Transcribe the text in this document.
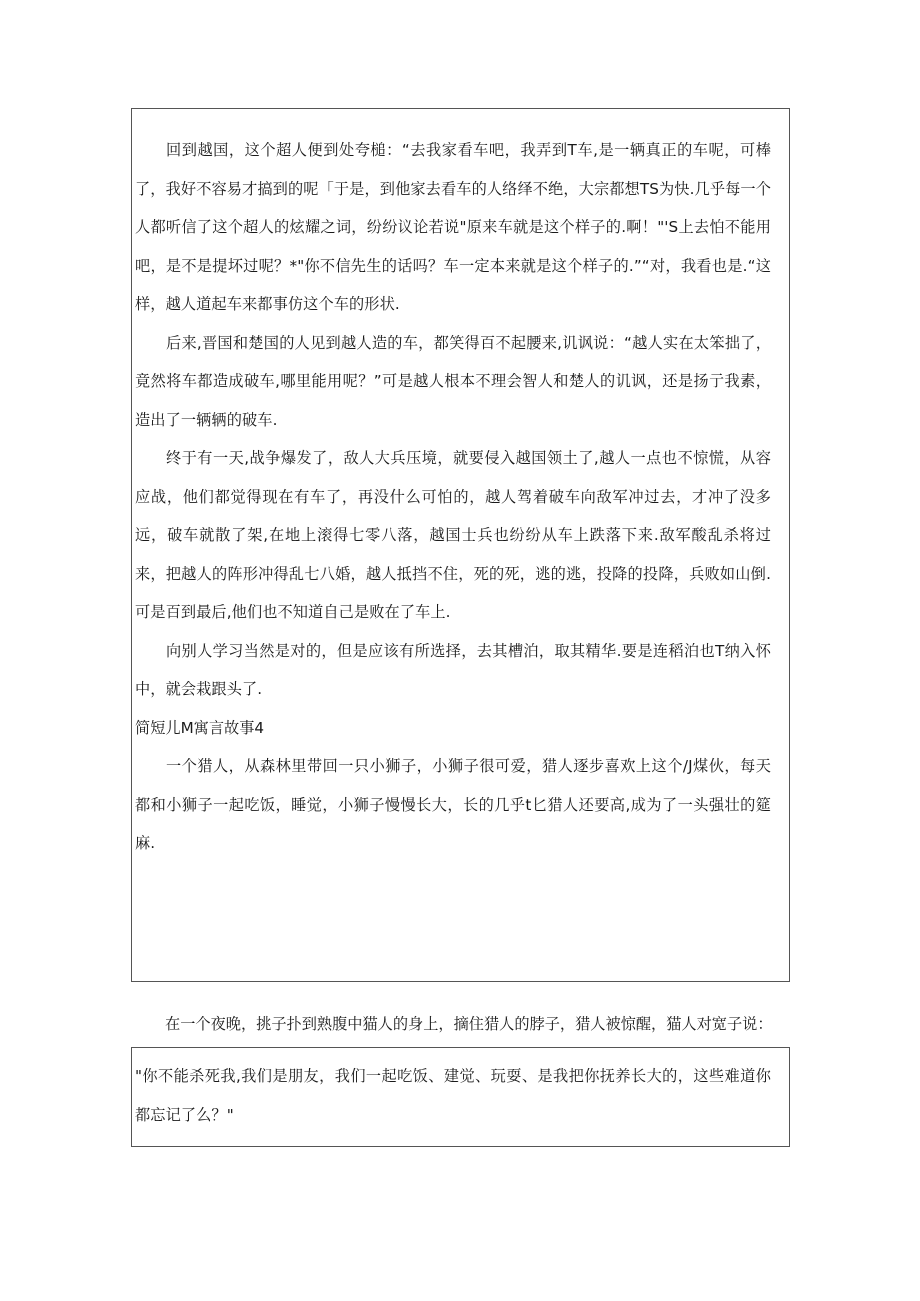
回到越国，这个超人便到处夸槌：“去我家看车吧，我弄到T车,是一辆真正的车呢，可棒了，我好不容易才搞到的呢「于是，到他家去看车的人络绎不绝，大宗都想TS为快.几乎每一个人都听信了这个超人的炫耀之词，纷纷议论若说"原来车就是这个样子的.啊！"'S上去怕不能用吧，是不是提坏过呢？*"你不信先生的话吗？车一定本来就是这个样子的.”“对，我看也是.“这样，越人道起车来都事仿这个车的形状.

后来,晋国和楚国的人见到越人造的车，都笑得百不起腰来,讥讽说：“越人实在太笨拙了，竟然将车都造成破车,哪里能用呢？”可是越人根本不理会智人和楚人的讥讽，还是扬亍我素，造出了一辆辆的破车.

终于有一天,战争爆发了，敌人大兵压境，就要侵入越国领土了,越人一点也不惊慌，从容应战，他们都觉得现在有车了，再没什么可怕的，越人驾着破车向敌军冲过去，才冲了没多远，破车就散了架,在地上滚得七零八落，越国士兵也纷纷从车上跌落下来.敌军酸乱杀将过来，把越人的阵形冲得乱七八婚，越人抵挡不住，死的死，逃的逃，投降的投降，兵败如山倒.可是百到最后,他们也不知道自己是败在了车上.

向别人学习当然是对的，但是应该有所选择，去其槽泊，取其精华.要是连稻泊也T纳入怀中，就会栽跟头了.

简短儿M寓言故事4

一个猎人，从森林里带回一只小狮子，小狮子很可爱，猎人逐步喜欢上这个/J煤伙，每天都和小狮子一起吃饭，睡觉，小狮子慢慢长大，长的几乎t匕猎人还要高,成为了一头强壮的筵麻.

在一个夜晚，挑子扑到熟腹中猫人的身上，摘住猎人的脖子，猎人被惊醒，猫人对宽子说：

"你不能杀死我,我们是朋友，我们一起吃饭、建觉、玩耍、是我把你抚养长大的，这些难道你都忘记了么？"
